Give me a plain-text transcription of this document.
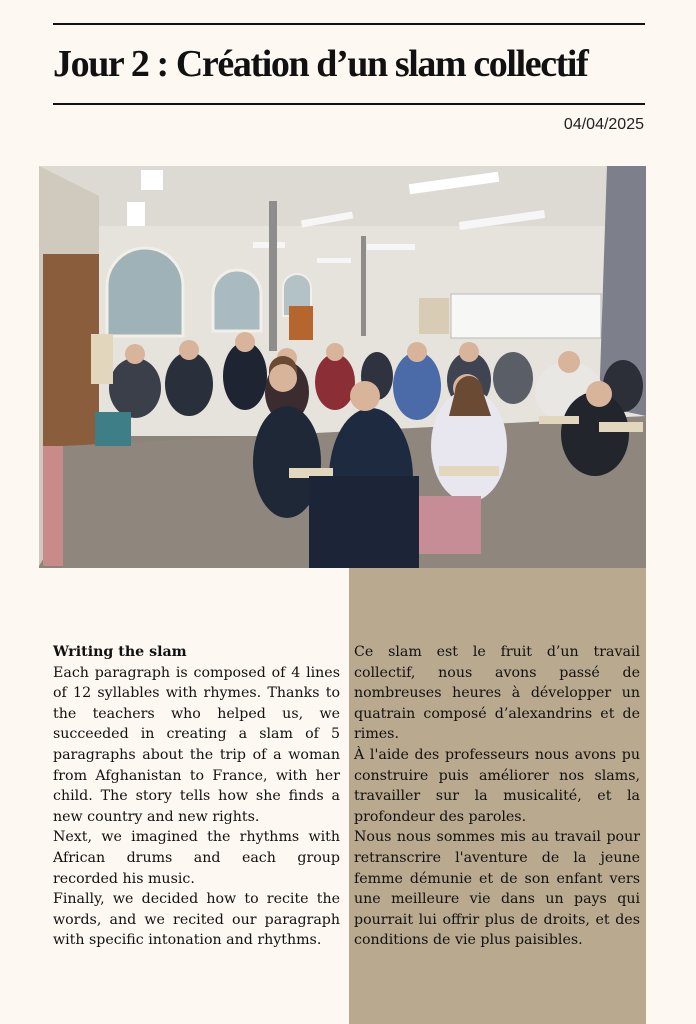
Jour 2 : Création d’un slam collectif
04/04/2025

Writing the slam

Each paragraph is composed of 4 lines of 12 syllables with rhymes. Thanks to the teachers who helped us, we succeeded in creating a slam of 5 paragraphs about the trip of a woman from Afghanistan to France, with her child. The story tells how she finds a new country and new rights.

Next, we imagined the rhythms with African drums and each group recorded his music.

Finally, we decided how to recite the words, and we recited our paragraph with specific intonation and rhythms.

Ce slam est le fruit d’un travail collectif, nous avons passé de nombreuses heures à développer un quatrain composé d’alexandrins et de rimes.

À l'aide des professeurs nous avons pu construire puis améliorer nos slams, travailler sur la musicalité, et la profondeur des paroles.

Nous nous sommes mis au travail pour retranscrire l'aventure de la jeune femme démunie et de son enfant vers une meilleure vie dans un pays qui pourrait lui offrir plus de droits, et des conditions de vie plus paisibles.
